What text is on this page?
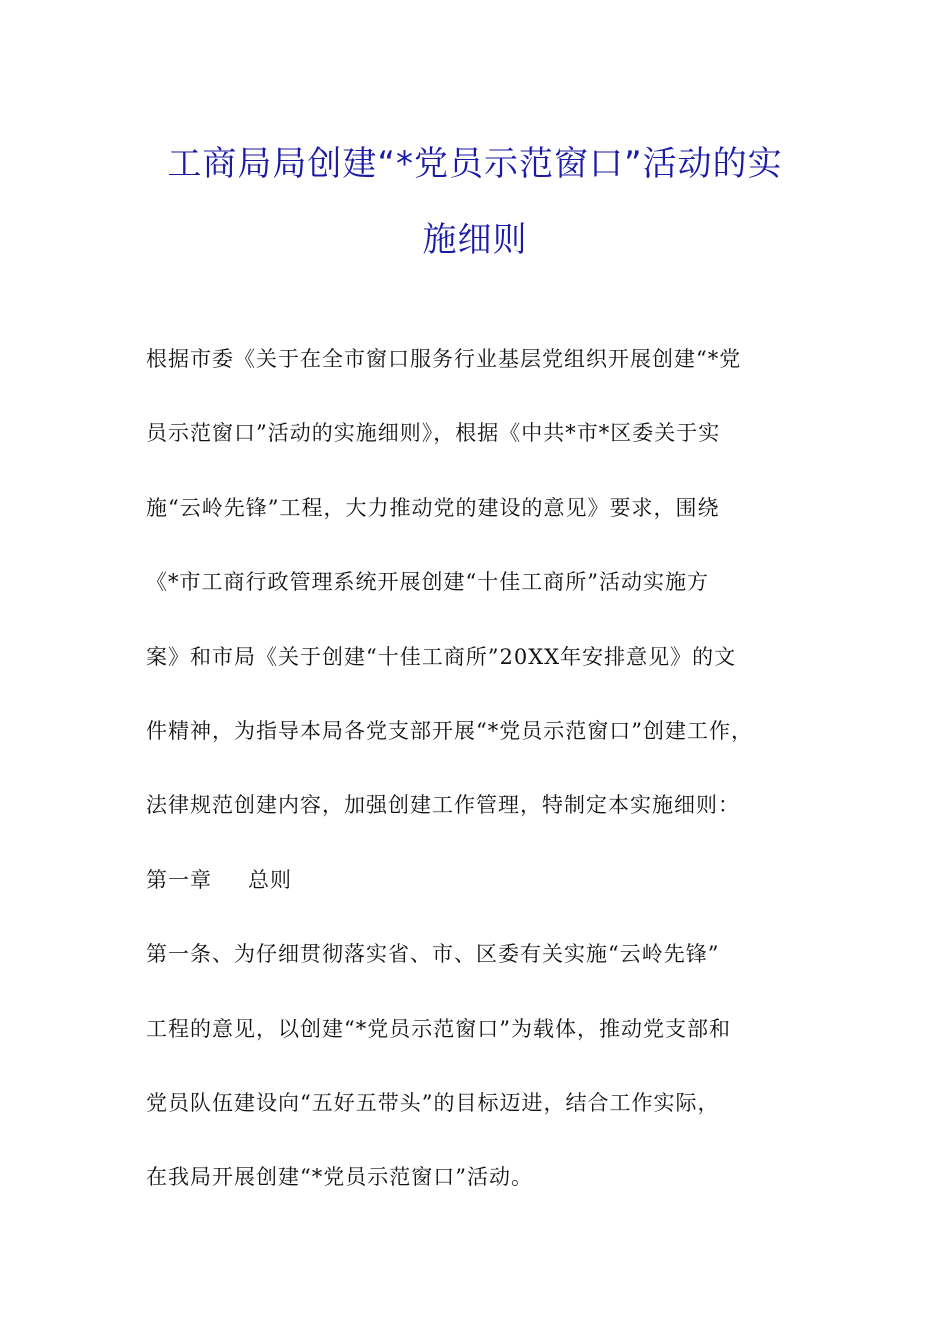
工商局局创建“*党员示范窗口”活动的实
施细则
根据市委《关于在全市窗口服务行业基层党组织开展创建“*党
员示范窗口”活动的实施细则》，根据《中共*市*区委关于实
施“云岭先锋”工程，大力推动党的建设的意见》要求，围绕
《*市工商行政管理系统开展创建“十佳工商所”活动实施方
案》和市局《关于创建“十佳工商所”20XX年安排意见》的文
件精神，为指导本局各党支部开展“*党员示范窗口”创建工作，
法律规范创建内容，加强创建工作管理，特制定本实施细则：
第一章 总则
第一条、为仔细贯彻落实省、市、区委有关实施“云岭先锋”
工程的意见，以创建“*党员示范窗口”为载体，推动党支部和
党员队伍建设向“五好五带头”的目标迈进，结合工作实际，
在我局开展创建“*党员示范窗口”活动。
